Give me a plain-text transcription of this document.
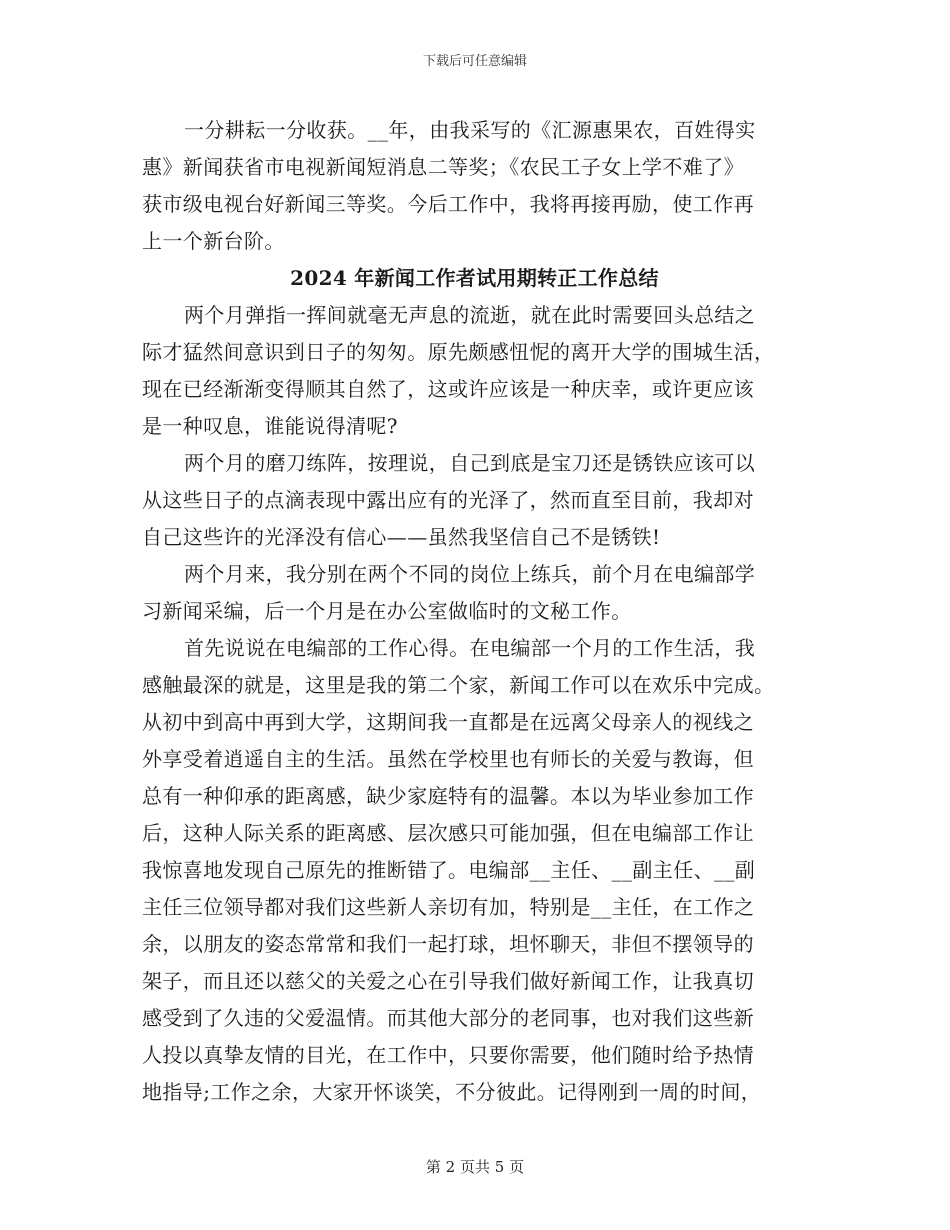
下载后可任意编辑
一分耕耘一分收获。__年，由我采写的《汇源惠果农，百姓得实
惠》新闻获省市电视新闻短消息二等奖；《农民工子女上学不难了》
获市级电视台好新闻三等奖。今后工作中，我将再接再励，使工作再
上一个新台阶。
2024 年新闻工作者试用期转正工作总结
两个月弹指一挥间就毫无声息的流逝，就在此时需要回头总结之
际才猛然间意识到日子的匆匆。原先颇感忸怩的离开大学的围城生活，
现在已经渐渐变得顺其自然了，这或许应该是一种庆幸，或许更应该
是一种叹息，谁能说得清呢?
两个月的磨刀练阵，按理说，自己到底是宝刀还是锈铁应该可以
从这些日子的点滴表现中露出应有的光泽了，然而直至目前，我却对
自己这些许的光泽没有信心——虽然我坚信自己不是锈铁!
两个月来，我分别在两个不同的岗位上练兵，前个月在电编部学
习新闻采编，后一个月是在办公室做临时的文秘工作。
首先说说在电编部的工作心得。在电编部一个月的工作生活，我
感触最深的就是，这里是我的第二个家，新闻工作可以在欢乐中完成。
从初中到高中再到大学，这期间我一直都是在远离父母亲人的视线之
外享受着逍遥自主的生活。虽然在学校里也有师长的关爱与教诲，但
总有一种仰承的距离感，缺少家庭特有的温馨。本以为毕业参加工作
后，这种人际关系的距离感、层次感只可能加强，但在电编部工作让
我惊喜地发现自己原先的推断错了。电编部__主任、__副主任、__副
主任三位领导都对我们这些新人亲切有加，特别是__主任，在工作之
余，以朋友的姿态常常和我们一起打球，坦怀聊天，非但不摆领导的
架子，而且还以慈父的关爱之心在引导我们做好新闻工作，让我真切
感受到了久违的父爱温情。而其他大部分的老同事，也对我们这些新
人投以真挚友情的目光，在工作中，只要你需要，他们随时给予热情
地指导;工作之余，大家开怀谈笑，不分彼此。记得刚到一周的时间，
第 2 页共 5 页
